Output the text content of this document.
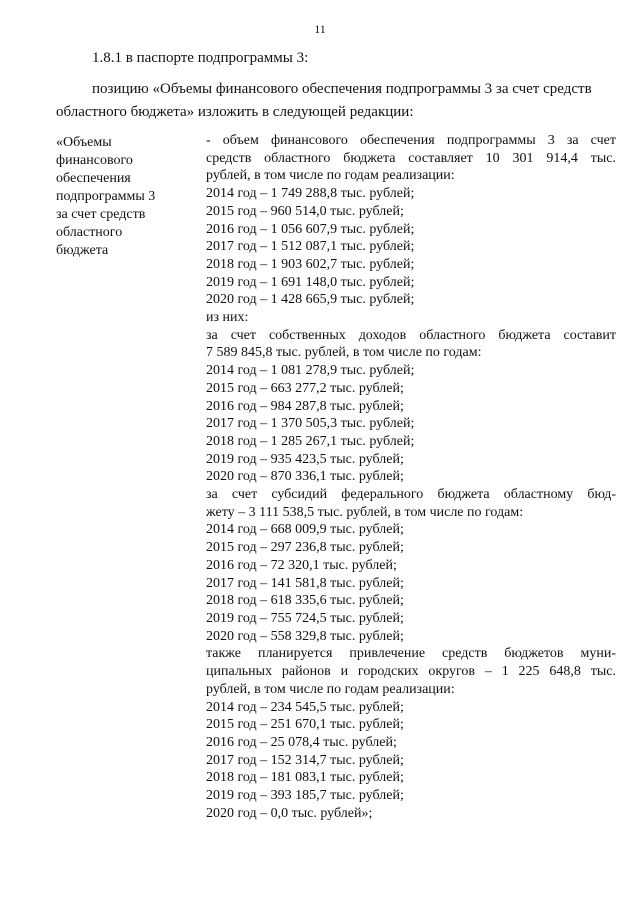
11
1.8.1 в паспорте подпрограммы 3:
позицию «Объемы финансового обеспечения подпрограммы 3 за счет средств
областного бюджета» изложить в следующей редакции:
«Объемы
финансового
обеспечения
подпрограммы 3
за счет средств
областного
бюджета
- объем финансового обеспечения подпрограммы 3 за счет
средств областного бюджета составляет 10 301 914,4 тыс.
рублей, в том числе по годам реализации:
2014 год – 1 749 288,8 тыс. рублей;
2015 год – 960 514,0 тыс. рублей;
2016 год – 1 056 607,9 тыс. рублей;
2017 год – 1 512 087,1 тыс. рублей;
2018 год – 1 903 602,7 тыс. рублей;
2019 год – 1 691 148,0 тыс. рублей;
2020 год – 1 428 665,9 тыс. рублей;
из них:
за счет собственных доходов областного бюджета составит
7 589 845,8 тыс. рублей, в том числе по годам:
2014 год – 1 081 278,9 тыс. рублей;
2015 год – 663 277,2 тыс. рублей;
2016 год – 984 287,8 тыс. рублей;
2017 год – 1 370 505,3 тыс. рублей;
2018 год – 1 285 267,1 тыс. рублей;
2019 год – 935 423,5 тыс. рублей;
2020 год – 870 336,1 тыс. рублей;
за счет субсидий федерального бюджета областному бюд-
жету – 3 111 538,5 тыс. рублей, в том числе по годам:
2014 год – 668 009,9 тыс. рублей;
2015 год – 297 236,8 тыс. рублей;
2016 год – 72 320,1 тыс. рублей;
2017 год – 141 581,8 тыс. рублей;
2018 год – 618 335,6 тыс. рублей;
2019 год – 755 724,5 тыс. рублей;
2020 год – 558 329,8 тыс. рублей;
также планируется привлечение средств бюджетов муни-
ципальных районов и городских округов – 1 225 648,8 тыс.
рублей, в том числе по годам реализации:
2014 год – 234 545,5 тыс. рублей;
2015 год – 251 670,1 тыс. рублей;
2016 год – 25 078,4 тыс. рублей;
2017 год – 152 314,7 тыс. рублей;
2018 год – 181 083,1 тыс. рублей;
2019 год – 393 185,7 тыс. рублей;
2020 год – 0,0 тыс. рублей»;
